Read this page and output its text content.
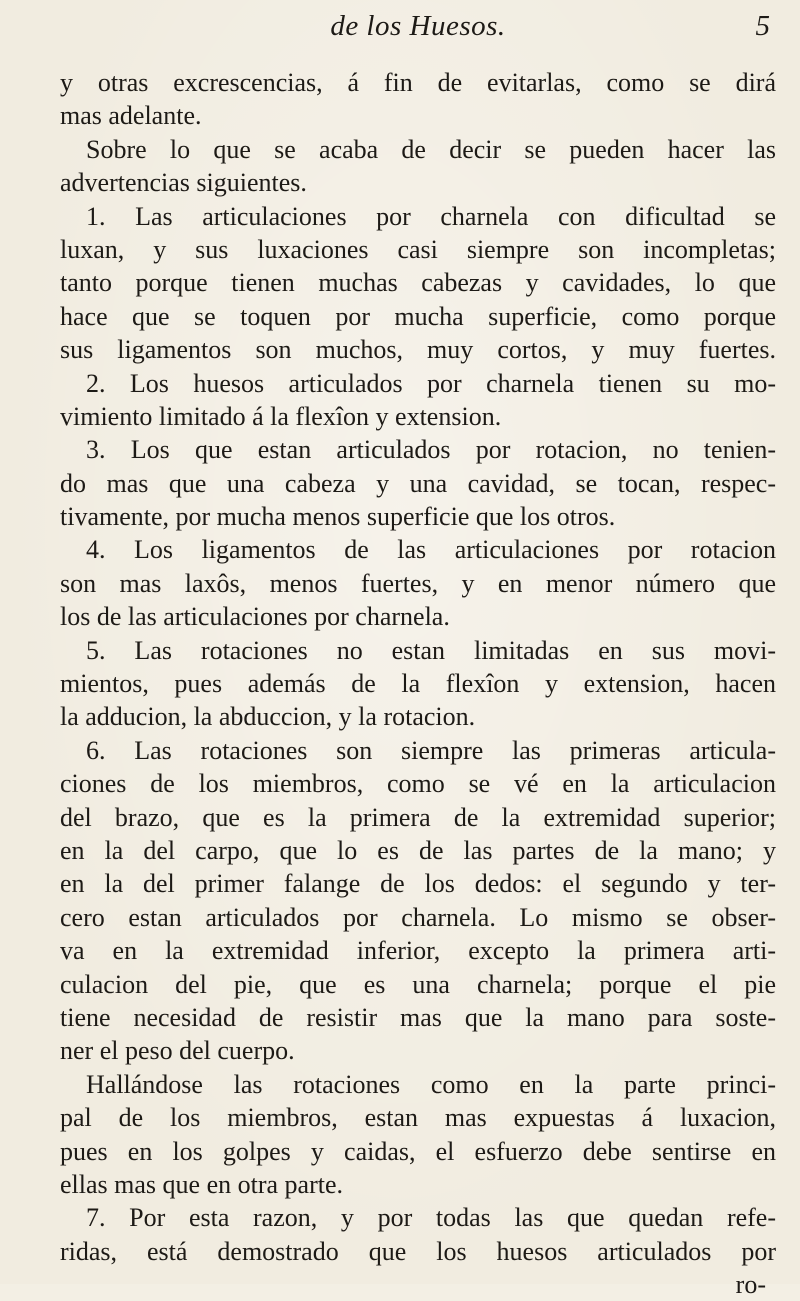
de los Huesos.	5
y otras excrescencias, á fin de evitarlas, como se dirá
mas adelante.
Sobre lo que se acaba de decir se pueden hacer las
advertencias siguientes.
1. Las articulaciones por charnela con dificultad se
luxan, y sus luxaciones casi siempre son incompletas;
tanto porque tienen muchas cabezas y cavidades, lo que
hace que se toquen por mucha superficie, como porque
sus ligamentos son muchos, muy cortos, y muy fuertes.
2. Los huesos articulados por charnela tienen su mo-
vimiento limitado á la flexîon y extension.
3. Los que estan articulados por rotacion, no tenien-
do mas que una cabeza y una cavidad, se tocan, respec-
tivamente, por mucha menos superficie que los otros.
4. Los ligamentos de las articulaciones por rotacion
son mas laxôs, menos fuertes, y en menor número que
los de las articulaciones por charnela.
5. Las rotaciones no estan limitadas en sus movi-
mientos, pues además de la flexîon y extension, hacen
la adducion, la abduccion, y la rotacion.
6. Las rotaciones son siempre las primeras articula-
ciones de los miembros, como se vé en la articulacion
del brazo, que es la primera de la extremidad superior;
en la del carpo, que lo es de las partes de la mano; y
en la del primer falange de los dedos: el segundo y ter-
cero estan articulados por charnela. Lo mismo se obser-
va en la extremidad inferior, excepto la primera arti-
culacion del pie, que es una charnela; porque el pie
tiene necesidad de resistir mas que la mano para soste-
ner el peso del cuerpo.
Hallándose las rotaciones como en la parte princi-
pal de los miembros, estan mas expuestas á luxacion,
pues en los golpes y caidas, el esfuerzo debe sentirse en
ellas mas que en otra parte.
7. Por esta razon, y por todas las que quedan refe-
ridas, está demostrado que los huesos articulados por
ro-
